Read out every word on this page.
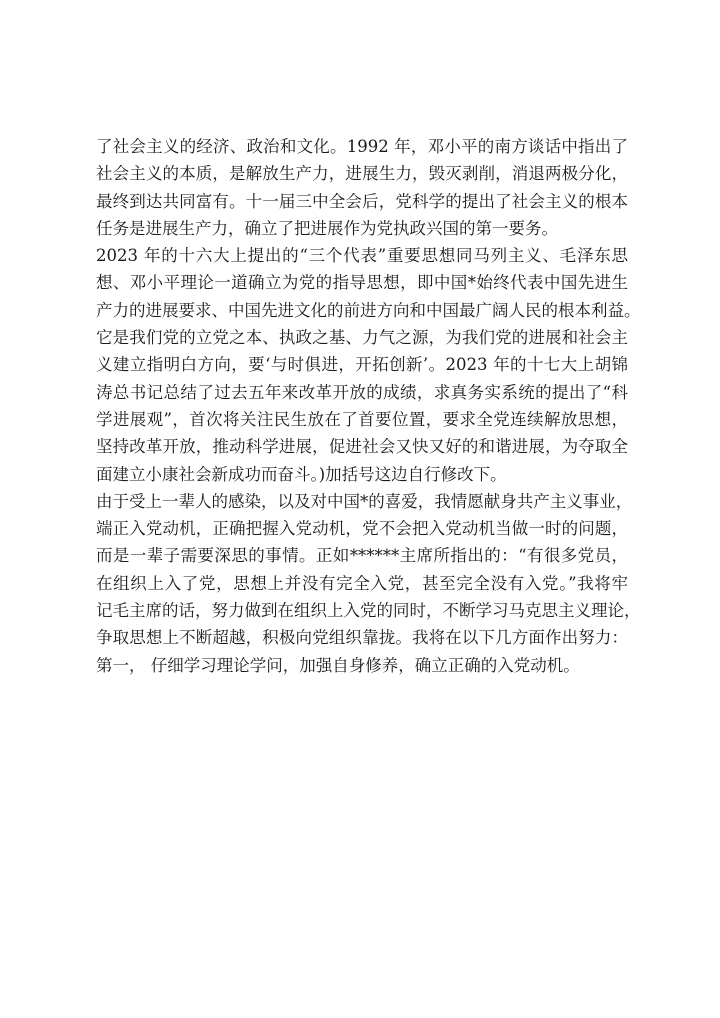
了社会主义的经济、政治和文化。1992 年，邓小平的南方谈话中指出了
社会主义的本质，是解放生产力，进展生力，毁灭剥削，消退两极分化，
最终到达共同富有。十一届三中全会后，党科学的提出了社会主义的根本
任务是进展生产力，确立了把进展作为党执政兴国的第一要务。
2023 年的十六大上提出的“三个代表”重要思想同马列主义、毛泽东思
想、邓小平理论一道确立为党的指导思想，即中国*始终代表中国先进生
产力的进展要求、中国先进文化的前进方向和中国最广阔人民的根本利益。
它是我们党的立党之本、执政之基、力气之源，为我们党的进展和社会主
义建立指明白方向，要‘与时俱进，开拓创新’。2023 年的十七大上胡锦
涛总书记总结了过去五年来改革开放的成绩，求真务实系统的提出了“科
学进展观”，首次将关注民生放在了首要位置，要求全党连续解放思想，
坚持改革开放，推动科学进展，促进社会又快又好的和谐进展，为夺取全
面建立小康社会新成功而奋斗。)加括号这边自行修改下。
由于受上一辈人的感染，以及对中国*的喜爱，我情愿献身共产主义事业，
端正入党动机，正确把握入党动机，党不会把入党动机当做一时的问题，
而是一辈子需要深思的事情。正如******主席所指出的：“有很多党员，
在组织上入了党，思想上并没有完全入党，甚至完全没有入党。”我将牢
记毛主席的话，努力做到在组织上入党的同时，不断学习马克思主义理论，
争取思想上不断超越，积极向党组织靠拢。我将在以下几方面作出努力：
第一， 仔细学习理论学问，加强自身修养，确立正确的入党动机。
